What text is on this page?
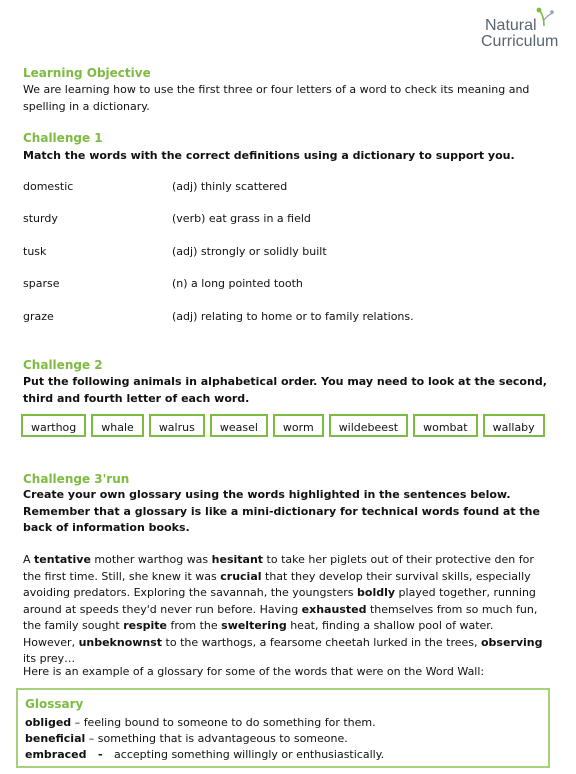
Natural
Curriculum
Learning Objective
We are learning how to use the first three or four letters of a word to check its meaning and spelling in a dictionary.
Challenge 1
Match the words with the correct definitions using a dictionary to support you.
domestic	(adj) thinly scattered
sturdy	(verb) eat grass in a field
tusk	(adj) strongly or solidly built
sparse	(n) a long pointed tooth
graze	(adj) relating to home or to family relations.
Challenge 2
Put the following animals in alphabetical order. You may need to look at the second, third and fourth letter of each word.
warthog	whale	walrus	weasel	worm	wildebeest	wombat	wallaby
Challenge 3'run
Create your own glossary using the words highlighted in the sentences below. Remember that a glossary is like a mini-dictionary for technical words found at the back of information books.
A tentative mother warthog was hesitant to take her piglets out of their protective den for the first time. Still, she knew it was crucial that they develop their survival skills, especially avoiding predators. Exploring the savannah, the youngsters boldly played together, running around at speeds they'd never run before. Having exhausted themselves from so much fun, the family sought respite from the sweltering heat, finding a shallow pool of water. However, unbeknownst to the warthogs, a fearsome cheetah lurked in the trees, observing its prey…
Here is an example of a glossary for some of the words that were on the Word Wall:
Glossary
obliged – feeling bound to someone to do something for them.
beneficial – something that is advantageous to someone.
embraced   -   accepting something willingly or enthusiastically.
